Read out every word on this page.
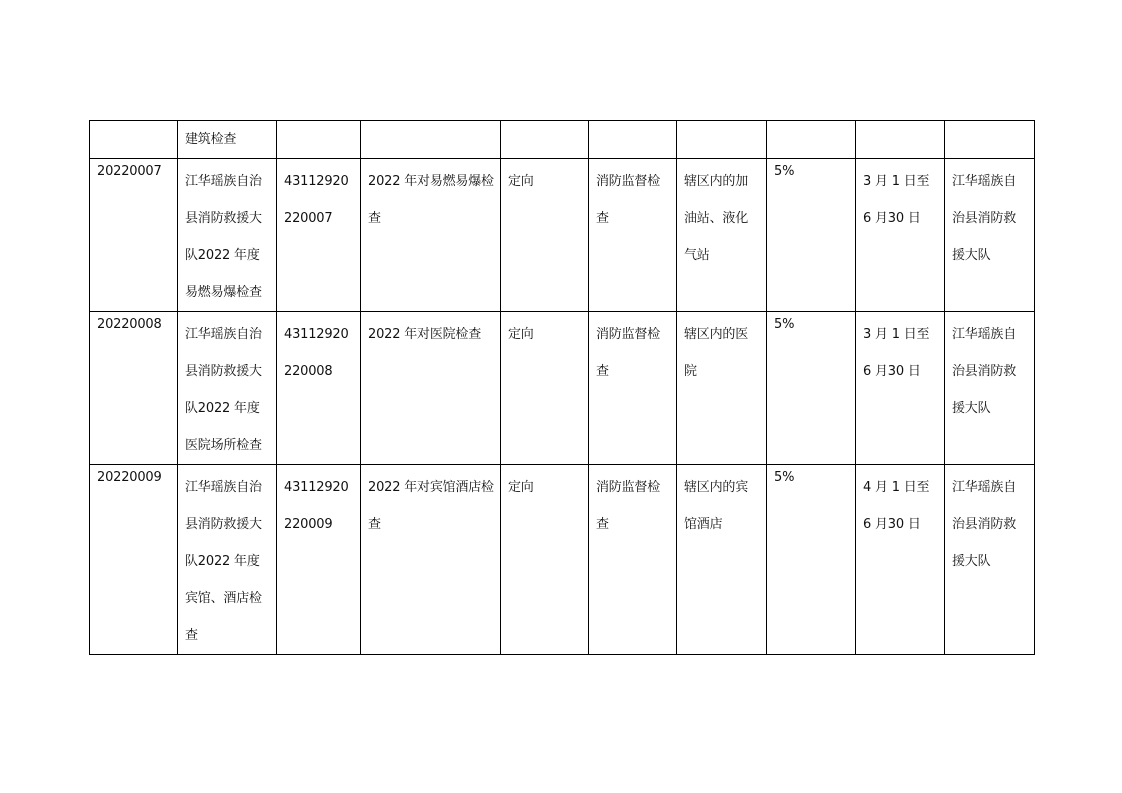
	建筑检查								

20220007	江华瑶族自治县消防救援大队2022 年度易燃易爆检查	43112920220007	2022 年对易燃易爆检查	定向	消防监督检查	辖区内的加油站、液化气站	5%	3 月 1 日至 6 月30 日	江华瑶族自治县消防救援大队

20220008	江华瑶族自治县消防救援大队2022 年度医院场所检查	43112920220008	2022 年对医院检查	定向	消防监督检查	辖区内的医院	5%	3 月 1 日至 6 月30 日	江华瑶族自治县消防救援大队

20220009	江华瑶族自治县消防救援大队2022 年度宾馆、酒店检查	43112920220009	2022 年对宾馆酒店检查	定向	消防监督检查	辖区内的宾馆酒店	5%	4 月 1 日至 6 月30 日	江华瑶族自治县消防救援大队
